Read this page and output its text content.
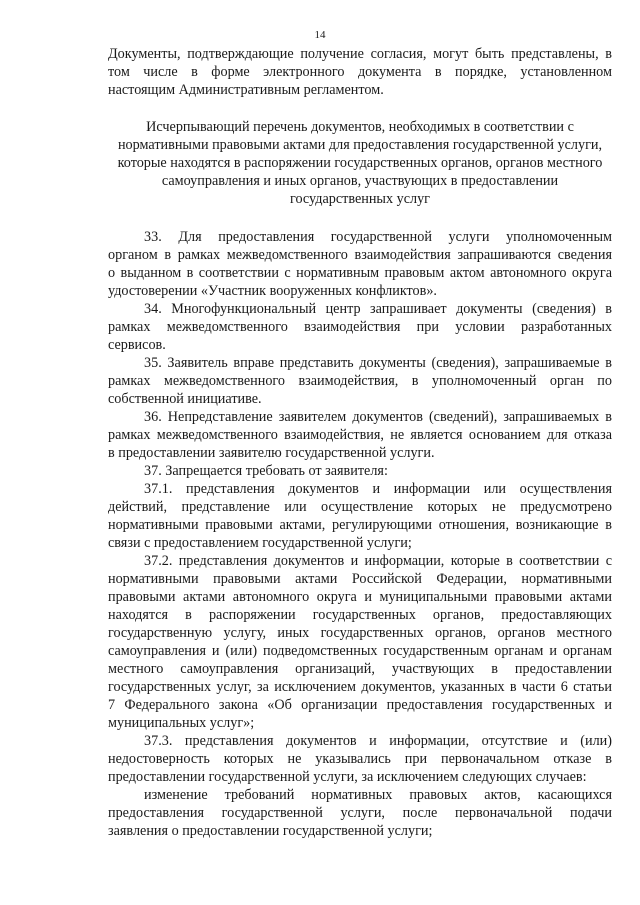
14
Документы, подтверждающие получение согласия, могут быть представлены, в
том числе в форме электронного документа в порядке, установленном
настоящим Административным регламентом.
Исчерпывающий перечень документов, необходимых в соответствии с
нормативными правовыми актами для предоставления государственной услуги,
которые находятся в распоряжении государственных органов, органов местного
самоуправления и иных органов, участвующих в предоставлении
государственных услуг
33. Для предоставления государственной услуги уполномоченным
органом в рамках межведомственного взаимодействия запрашиваются сведения
о выданном в соответствии с нормативным правовым актом автономного округа
удостоверении «Участник вооруженных конфликтов».
34. Многофункциональный центр запрашивает документы (сведения) в
рамках межведомственного взаимодействия при условии разработанных
сервисов.
35. Заявитель вправе представить документы (сведения), запрашиваемые в
рамках межведомственного взаимодействия, в уполномоченный орган по
собственной инициативе.
36. Непредставление заявителем документов (сведений), запрашиваемых в
рамках межведомственного взаимодействия, не является основанием для отказа
в предоставлении заявителю государственной услуги.
37. Запрещается требовать от заявителя:
37.1. представления документов и информации или осуществления
действий, представление или осуществление которых не предусмотрено
нормативными правовыми актами, регулирующими отношения, возникающие в
связи с предоставлением государственной услуги;
37.2. представления документов и информации, которые в соответствии с
нормативными правовыми актами Российской Федерации, нормативными
правовыми актами автономного округа и муниципальными правовыми актами
находятся в распоряжении государственных органов, предоставляющих
государственную услугу, иных государственных органов, органов местного
самоуправления и (или) подведомственных государственным органам и органам
местного самоуправления организаций, участвующих в предоставлении
государственных услуг, за исключением документов, указанных в части 6 статьи
7 Федерального закона «Об организации предоставления государственных и
муниципальных услуг»;
37.3. представления документов и информации, отсутствие и (или)
недостоверность которых не указывались при первоначальном отказе в
предоставлении государственной услуги, за исключением следующих случаев:
изменение требований нормативных правовых актов, касающихся
предоставления государственной услуги, после первоначальной подачи
заявления о предоставлении государственной услуги;
